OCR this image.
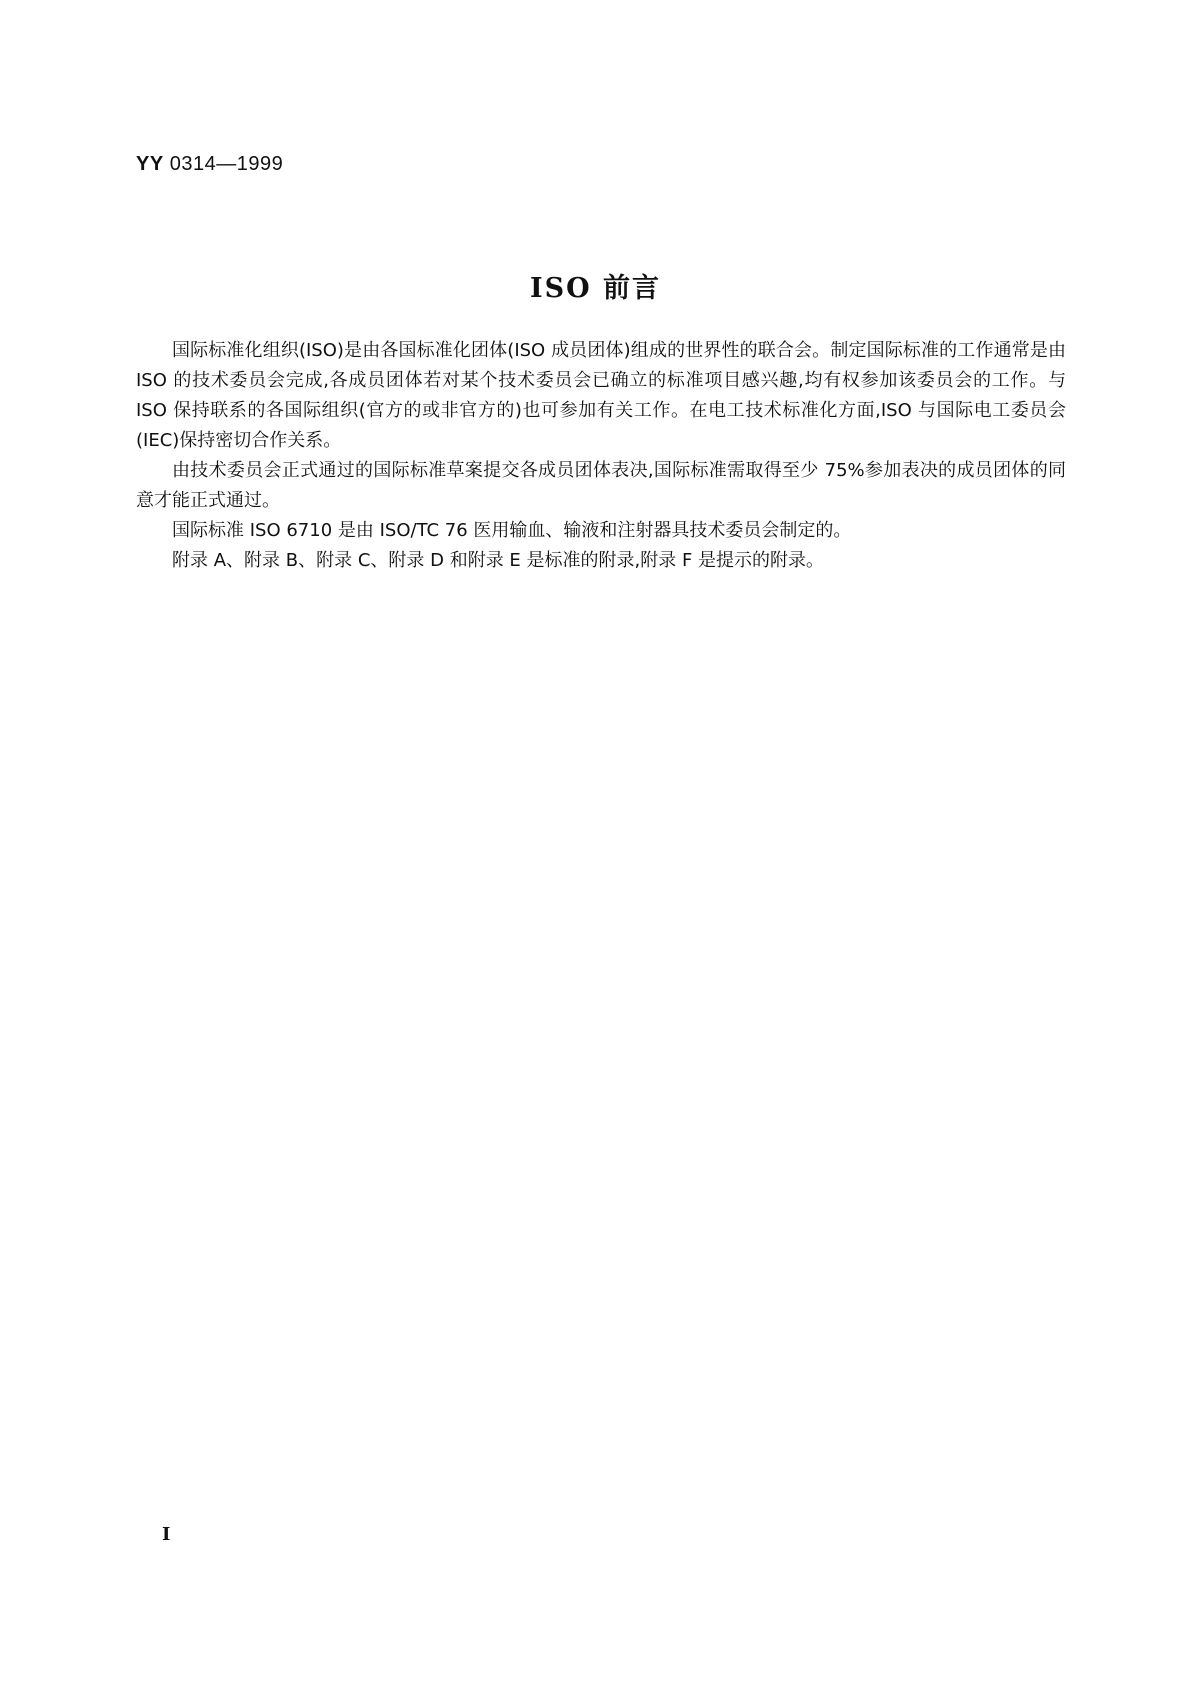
YY 0314—1999
ISO 前言

国际标准化组织(ISO)是由各国标准化团体(ISO 成员团体)组成的世界性的联合会。制定国际标准的工作通常是由 ISO 的技术委员会完成,各成员团体若对某个技术委员会已确立的标准项目感兴趣,均有权参加该委员会的工作。与 ISO 保持联系的各国际组织(官方的或非官方的)也可参加有关工作。在电工技术标准化方面,ISO 与国际电工委员会(IEC)保持密切合作关系。

由技术委员会正式通过的国际标准草案提交各成员团体表决,国际标准需取得至少 75%参加表决的成员团体的同意才能正式通过。

国际标准 ISO 6710 是由 ISO/TC 76 医用输血、输液和注射器具技术委员会制定的。

附录 A、附录 B、附录 C、附录 D 和附录 E 是标准的附录,附录 F 是提示的附录。

I
